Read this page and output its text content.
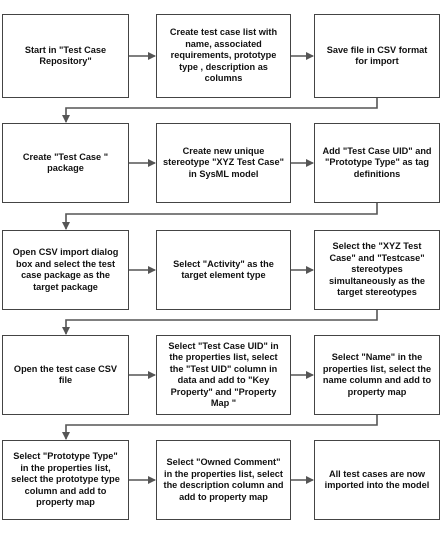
Start in "Test Case Repository"
Create test case list with name, associated requirements, prototype type , description as columns
Save file in CSV format for import
Create "Test Case " package
Create new unique stereotype "XYZ Test Case" in SysML model
Add "Test Case UID" and "Prototype Type" as tag definitions
Open CSV import dialog box and select the test case package as the target package
Select "Activity" as the target element type
Select the "XYZ Test Case" and "Testcase" stereotypes simultaneously as the target stereotypes
Open the test case CSV file
Select "Test Case UID" in the properties list, select the "Test UID" column in data and add to "Key Property" and "Property Map "
Select "Name" in the properties list, select the name column and add to property map
Select "Prototype Type" in the properties list, select the prototype type column and add to property map
Select "Owned Comment" in the properties list, select the description column and add to property map
All test cases are now imported into the model
